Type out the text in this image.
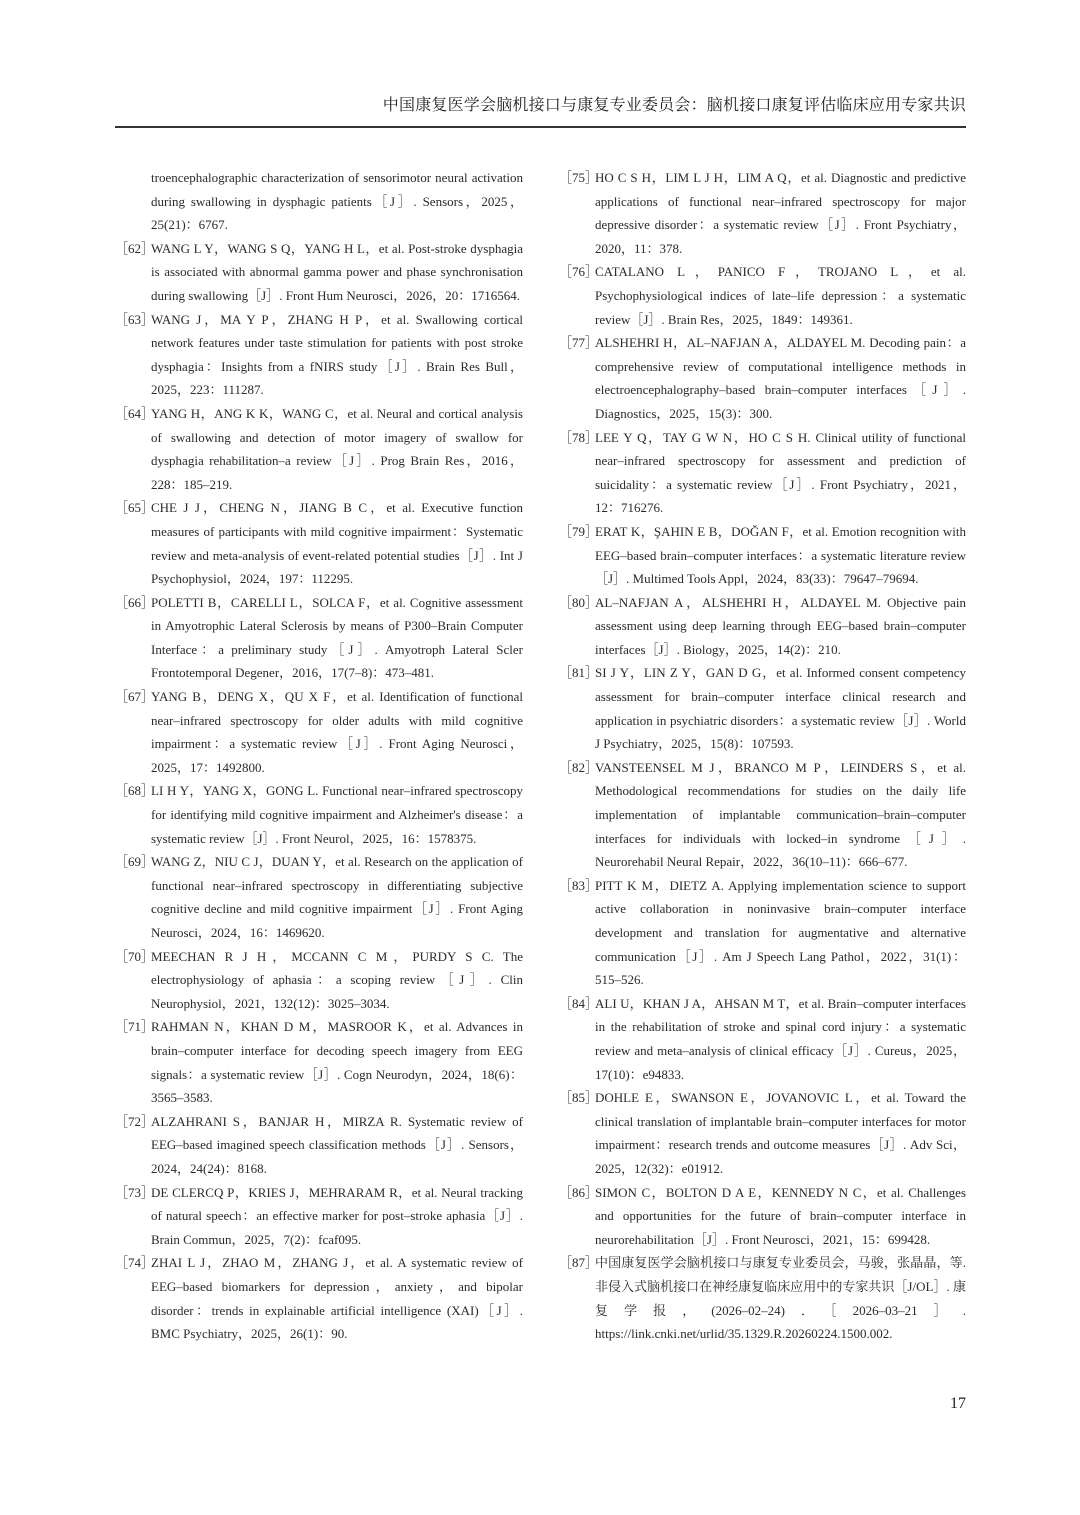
中国康复医学会脑机接口与康复专业委员会：脑机接口康复评估临床应用专家共识

troencephalographic characterization of sensorimotor neural activation during swallowing in dysphagic patients［J］. Sensors，2025，25(21)：6767.

［62］
WANG L Y，WANG S Q，YANG H L，et al. Post-stroke dysphagia is associated with abnormal gamma power and phase synchronisation during swallowing［J］. Front Hum Neurosci，2026，20：1716564.

［63］
WANG J，MA Y P，ZHANG H P，et al. Swallowing cortical network features under taste stimulation for patients with post stroke dysphagia：Insights from a fNIRS study［J］. Brain Res Bull，2025，223：111287.

［64］
YANG H，ANG K K，WANG C，et al. Neural and cortical analysis of swallowing and detection of motor imagery of swallow for dysphagia rehabilitation–a review［J］. Prog Brain Res，2016，228：185–219.

［65］
CHE J J，CHENG N，JIANG B C，et al. Executive function measures of participants with mild cognitive impairment：Systematic review and meta-analysis of event-related potential studies［J］. Int J Psychophysiol，2024，197：112295.

［66］
POLETTI B，CARELLI L，SOLCA F，et al. Cognitive assessment in Amyotrophic Lateral Sclerosis by means of P300–Brain Computer Interface：a preliminary study［J］. Amyotroph Lateral Scler Frontotemporal Degener，2016，17(7–8)：473–481.

［67］
YANG B，DENG X，QU X F，et al. Identification of functional near–infrared spectroscopy for older adults with mild cognitive impairment：a systematic review［J］. Front Aging Neurosci，2025，17：1492800.

［68］
LI H Y，YANG X，GONG L. Functional near–infrared spectroscopy for identifying mild cognitive impairment and Alzheimer's disease：a systematic review［J］. Front Neurol，2025，16：1578375.

［69］
WANG Z，NIU C J，DUAN Y，et al. Research on the application of functional near–infrared spectroscopy in differentiating subjective cognitive decline and mild cognitive impairment［J］. Front Aging Neurosci，2024，16：1469620.

［70］
MEECHAN R J H，MCCANN C M，PURDY S C. The electrophysiology of aphasia：a scoping review［J］. Clin Neurophysiol，2021，132(12)：3025–3034.

［71］
RAHMAN N，KHAN D M，MASROOR K，et al. Advances in brain–computer interface for decoding speech imagery from EEG signals：a systematic review［J］. Cogn Neurodyn，2024，18(6)：3565–3583.

［72］
ALZAHRANI S，BANJAR H，MIRZA R. Systematic review of EEG–based imagined speech classification methods［J］. Sensors，2024，24(24)：8168.

［73］
DE CLERCQ P，KRIES J，MEHRARAM R，et al. Neural tracking of natural speech：an effective marker for post–stroke aphasia［J］. Brain Commun，2025，7(2)：fcaf095.

［74］
ZHAI L J，ZHAO M，ZHANG J，et al. A systematic review of EEG–based biomarkers for depression，anxiety，and bipolar disorder：trends in explainable artificial intelligence (XAI)［J］. BMC Psychiatry，2025，26(1)：90.

［75］
HO C S H，LIM L J H，LIM A Q，et al. Diagnostic and predictive applications of functional near–infrared spectroscopy for major depressive disorder：a systematic review［J］. Front Psychiatry，2020，11：378.

［76］
CATALANO L，PANICO F，TROJANO L，et al. Psychophysiological indices of late–life depression：a systematic review［J］. Brain Res，2025，1849：149361.

［77］
ALSHEHRI H，AL–NAFJAN A，ALDAYEL M. Decoding pain：a comprehensive review of computational intelligence methods in electroencephalography–based brain–computer interfaces［J］. Diagnostics，2025，15(3)：300.

［78］
LEE Y Q，TAY G W N，HO C S H. Clinical utility of functional near–infrared spectroscopy for assessment and prediction of suicidality：a systematic review［J］. Front Psychiatry，2021，12：716276.

［79］
ERAT K，ŞAHIN E B，DOĞAN F，et al. Emotion recognition with EEG–based brain–computer interfaces：a systematic literature review［J］. Multimed Tools Appl，2024，83(33)：79647–79694.

［80］
AL–NAFJAN A，ALSHEHRI H，ALDAYEL M. Objective pain assessment using deep learning through EEG–based brain–computer interfaces［J］. Biology，2025，14(2)：210.

［81］
SI J Y，LIN Z Y，GAN D G，et al. Informed consent competency assessment for brain–computer interface clinical research and application in psychiatric disorders：a systematic review［J］. World J Psychiatry，2025，15(8)：107593.

［82］
VANSTEENSEL M J，BRANCO M P，LEINDERS S，et al. Methodological recommendations for studies on the daily life implementation of implantable communication–brain–computer interfaces for individuals with locked–in syndrome［J］. Neurorehabil Neural Repair，2022，36(10–11)：666–677.

［83］
PITT K M，DIETZ A. Applying implementation science to support active collaboration in noninvasive brain–computer interface development and translation for augmentative and alternative communication［J］. Am J Speech Lang Pathol，2022，31(1)：515–526.

［84］
ALI U，KHAN J A，AHSAN M T，et al. Brain–computer interfaces in the rehabilitation of stroke and spinal cord injury：a systematic review and meta–analysis of clinical efficacy［J］. Cureus，2025，17(10)：e94833.

［85］
DOHLE E，SWANSON E，JOVANOVIC L，et al. Toward the clinical translation of implantable brain–computer interfaces for motor impairment：research trends and outcome measures［J］. Adv Sci，2025，12(32)：e01912.

［86］
SIMON C，BOLTON D A E，KENNEDY N C，et al. Challenges and opportunities for the future of brain–computer interface in neurorehabilitation［J］. Front Neurosci，2021，15：699428.

［87］
中国康复医学会脑机接口与康复专业委员会，马骏，张晶晶，等. 非侵入式脑机接口在神经康复临床应用中的专家共识［J/OL］. 康复学报，(2026–02–24)．［2026–03–21］. https://link.cnki.net/urlid/35.1329.R.20260224.1500.002.

17
